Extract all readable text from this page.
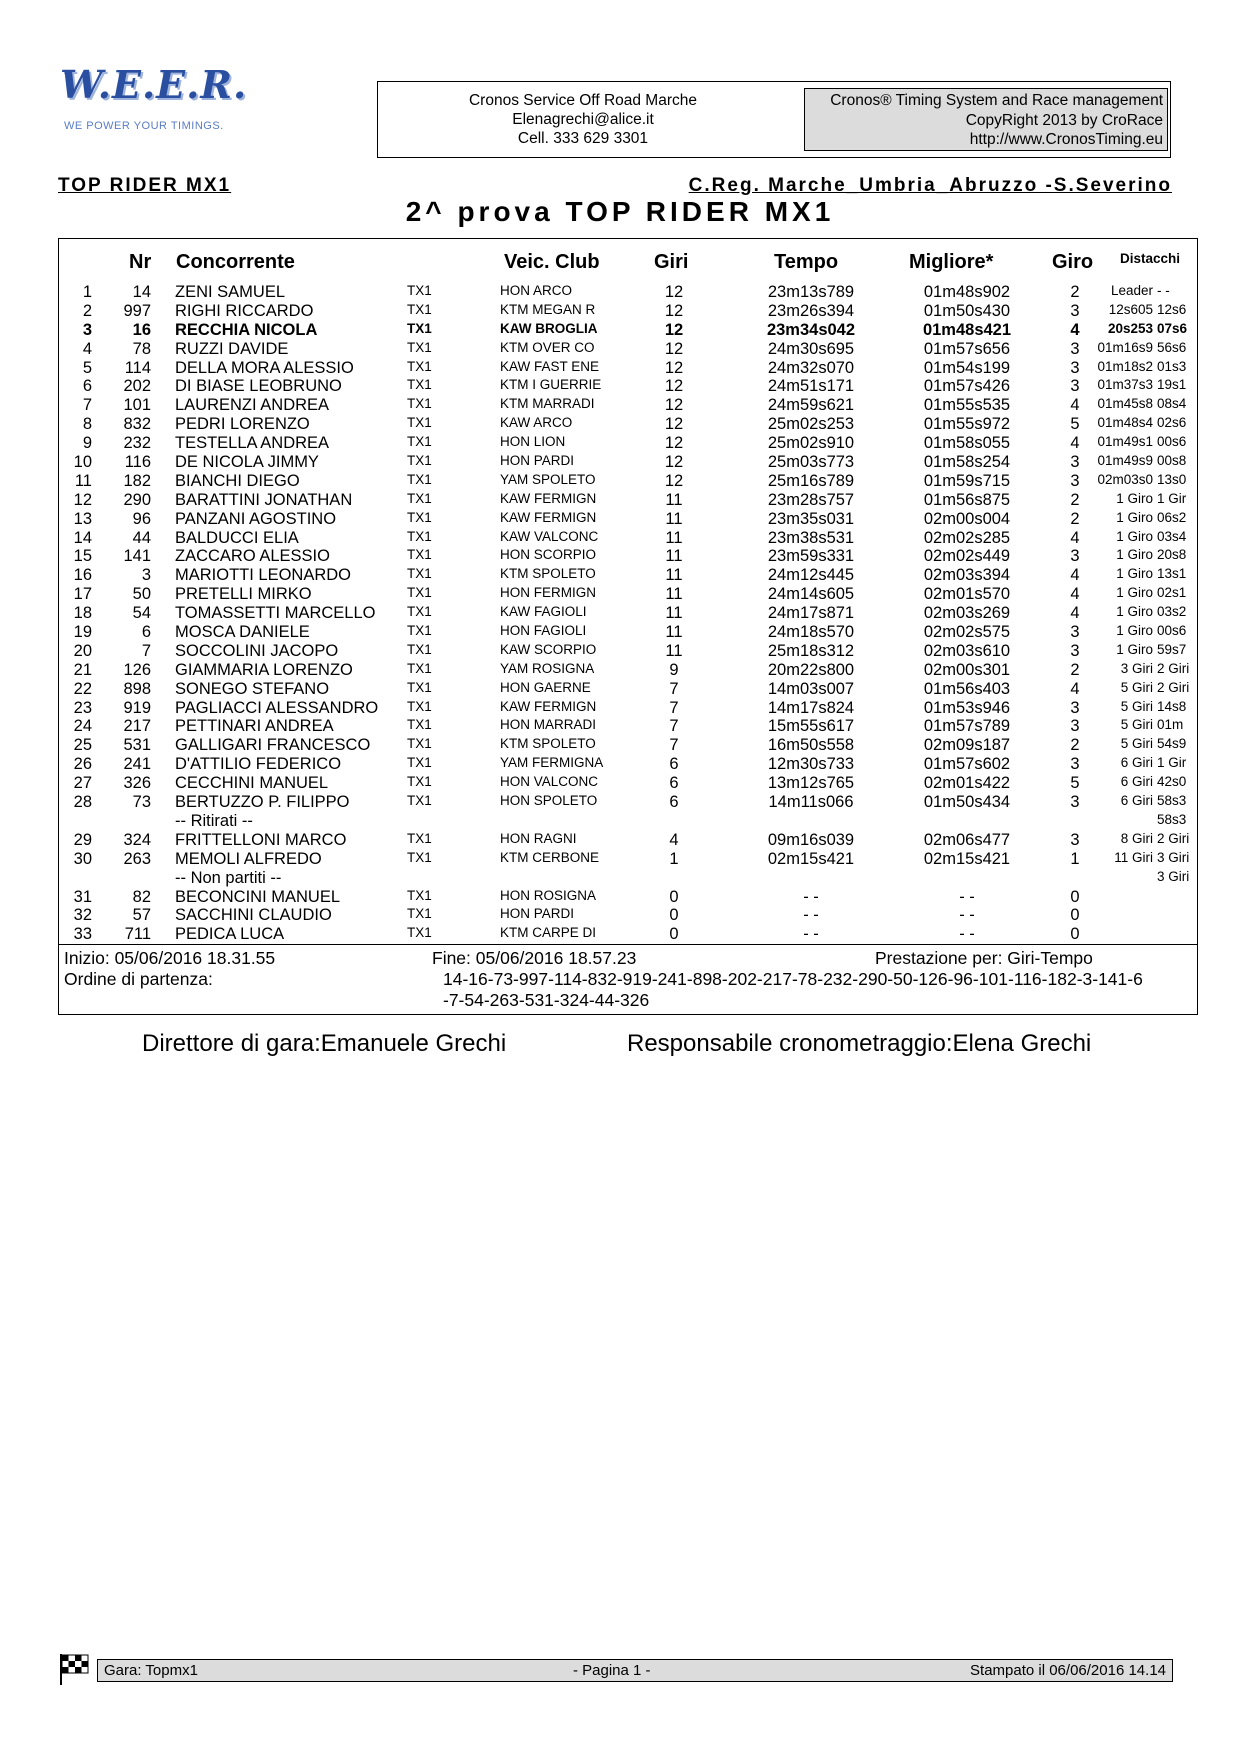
W.E.E.R.
WE POWER YOUR TIMINGS.
Cronos Service Off Road Marche
Elenagrechi@alice.it
Cell. 333 629 3301
Cronos® Timing System and Race management
CopyRight 2013 by CroRace
http://www.CronosTiming.eu
TOP RIDER MX1	C.Reg. Marche_Umbria_Abruzzo -S.Severino
2^ prova TOP RIDER MX1
Nr Concorrente	Veic. Club	Giri	Tempo	Migliore*	Giro Distacchi
1	14 ZENI SAMUEL	TX1	HON ARCO	12	23m13s789	01m48s902	2	Leader - -
2	997 RIGHI RICCARDO	TX1	KTM MEGAN R	12	23m26s394	01m50s430	3	12s605 12s6
3	16 RECCHIA NICOLA	TX1	KAW BROGLIA	12	23m34s042	01m48s421	4	20s253 07s6
4	78 RUZZI DAVIDE	TX1	KTM OVER CO	12	24m30s695	01m57s656	3	01m16s9 56s6
5	114 DELLA MORA ALESSIO	TX1	KAW FAST ENE	12	24m32s070	01m54s199	3	01m18s2 01s3
6	202 DI BIASE LEOBRUNO	TX1	KTM I GUERRIE	12	24m51s171	01m57s426	3	01m37s3 19s1
7	101 LAURENZI ANDREA	TX1	KTM MARRADI	12	24m59s621	01m55s535	4	01m45s8 08s4
8	832 PEDRI LORENZO	TX1	KAW ARCO	12	25m02s253	01m55s972	5	01m48s4 02s6
9	232 TESTELLA ANDREA	TX1	HON LION	12	25m02s910	01m58s055	4	01m49s1 00s6
10	116 DE NICOLA JIMMY	TX1	HON PARDI	12	25m03s773	01m58s254	3	01m49s9 00s8
11	182 BIANCHI DIEGO	TX1	YAM SPOLETO	12	25m16s789	01m59s715	3	02m03s0 13s0
12	290 BARATTINI JONATHAN	TX1	KAW FERMIGN	11	23m28s757	01m56s875	2	1 Giro 1 Gir
13	96 PANZANI AGOSTINO	TX1	KAW FERMIGN	11	23m35s031	02m00s004	2	1 Giro 06s2
14	44 BALDUCCI ELIA	TX1	KAW VALCONC	11	23m38s531	02m02s285	4	1 Giro 03s4
15	141 ZACCARO ALESSIO	TX1	HON SCORPIO	11	23m59s331	02m02s449	3	1 Giro 20s8
16	3 MARIOTTI LEONARDO	TX1	KTM SPOLETO	11	24m12s445	02m03s394	4	1 Giro 13s1
17	50 PRETELLI MIRKO	TX1	HON FERMIGN	11	24m14s605	02m01s570	4	1 Giro 02s1
18	54 TOMASSETTI MARCELLO	TX1	KAW FAGIOLI	11	24m17s871	02m03s269	4	1 Giro 03s2
19	6 MOSCA DANIELE	TX1	HON FAGIOLI	11	24m18s570	02m02s575	3	1 Giro 00s6
20	7 SOCCOLINI JACOPO	TX1	KAW SCORPIO	11	25m18s312	02m03s610	3	1 Giro 59s7
21	126 GIAMMARIA LORENZO	TX1	YAM ROSIGNA	9	20m22s800	02m00s301	2	3 Giri 2 Giri
22	898 SONEGO STEFANO	TX1	HON GAERNE	7	14m03s007	01m56s403	4	5 Giri 2 Giri
23	919 PAGLIACCI ALESSANDRO	TX1	KAW FERMIGN	7	14m17s824	01m53s946	3	5 Giri 14s8
24	217 PETTINARI ANDREA	TX1	HON MARRADI	7	15m55s617	01m57s789	3	5 Giri 01m
25	531 GALLIGARI FRANCESCO	TX1	KTM SPOLETO	7	16m50s558	02m09s187	2	5 Giri 54s9
26	241 D'ATTILIO FEDERICO	TX1	YAM FERMIGNA	6	12m30s733	01m57s602	3	6 Giri 1 Gir
27	326 CECCHINI MANUEL	TX1	HON VALCONC	6	13m12s765	02m01s422	5	6 Giri 42s0
28	73 BERTUZZO P. FILIPPO	TX1	HON SPOLETO	6	14m11s066	01m50s434	3	6 Giri 58s3
-- Ritirati --	58s3
29	324 FRITTELLONI MARCO	TX1	HON RAGNI	4	09m16s039	02m06s477	3	8 Giri 2 Giri
30	263 MEMOLI ALFREDO	TX1	KTM CERBONE	1	02m15s421	02m15s421	1	11 Giri 3 Giri
-- Non partiti --	3 Giri
31	82 BECONCINI MANUEL	TX1	HON ROSIGNA	0	- -	- -	0
32	57 SACCHINI CLAUDIO	TX1	HON PARDI	0	- -	- -	0
33	711 PEDICA LUCA	TX1	KTM CARPE DI	0	- -	- -	0
Inizio: 05/06/2016 18.31.55	Fine: 05/06/2016 18.57.23	Prestazione per: Giri-Tempo
Ordine di partenza:	14-16-73-997-114-832-919-241-898-202-217-78-232-290-50-126-96-101-116-182-3-141-6
-7-54-263-531-324-44-326
Direttore di gara:Emanuele Grechi	Responsabile cronometraggio:Elena Grechi
Gara: Topmx1	- Pagina 1 -	Stampato il 06/06/2016 14.14
